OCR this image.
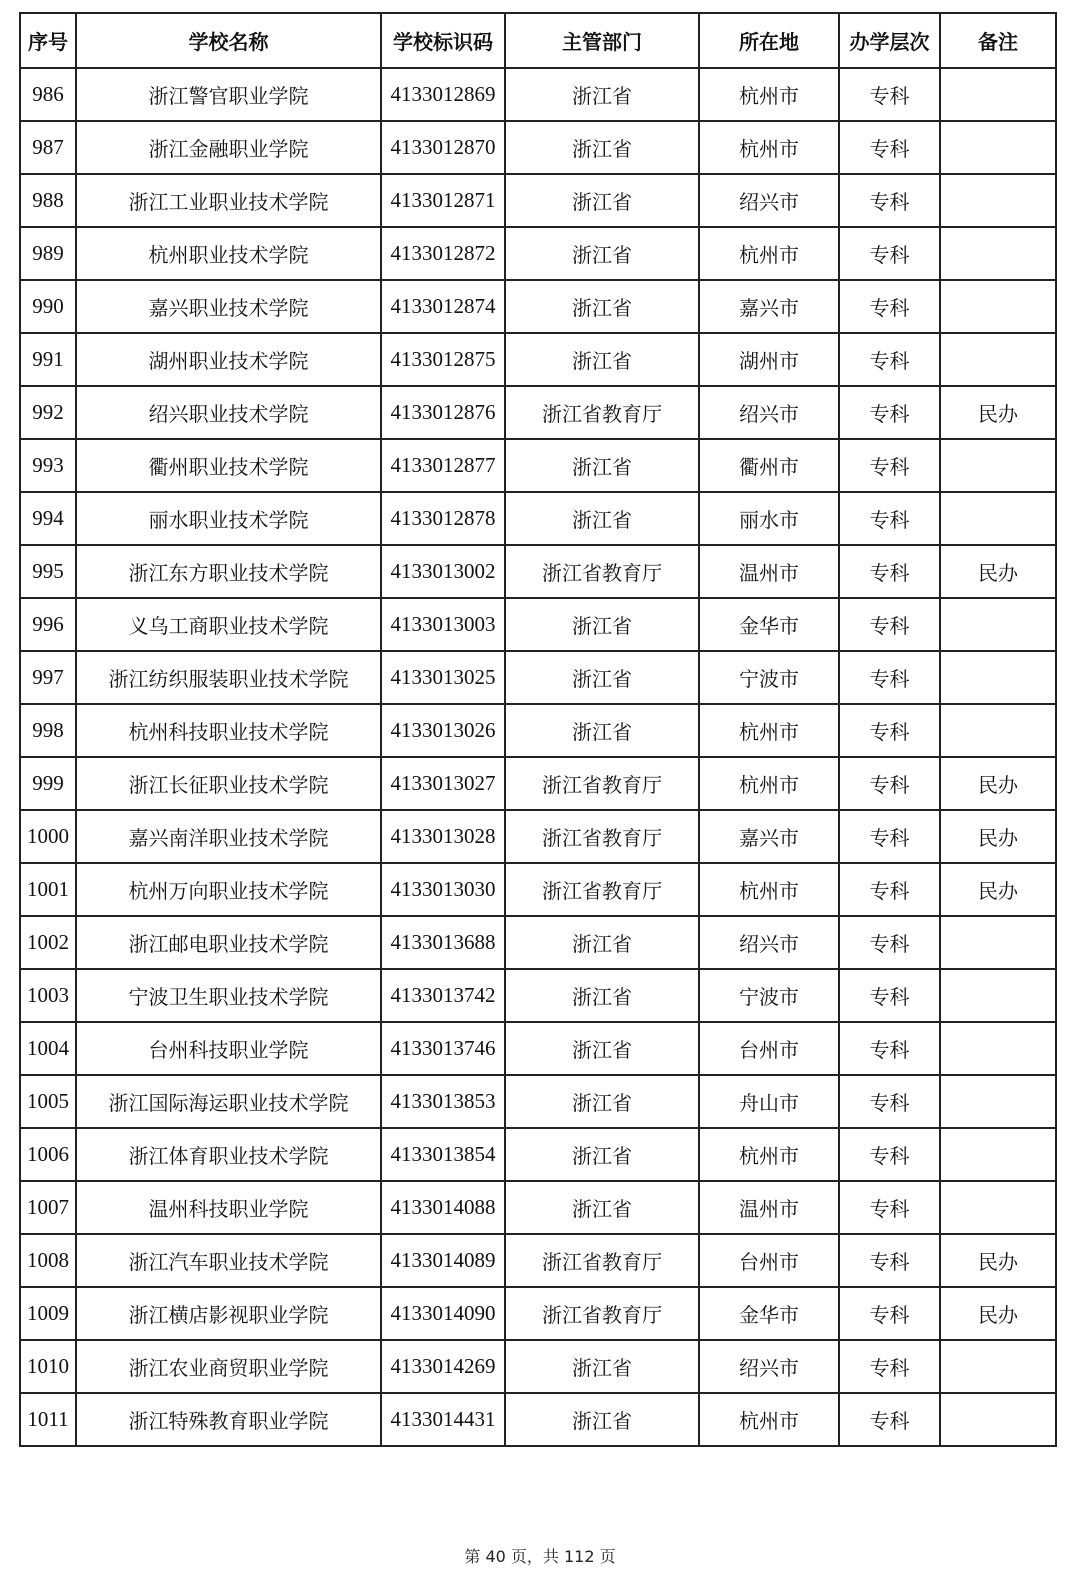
序号	学校名称	学校标识码	主管部门	所在地	办学层次	备注
986	浙江警官职业学院	4133012869	浙江省	杭州市	专科	
987	浙江金融职业学院	4133012870	浙江省	杭州市	专科	
988	浙江工业职业技术学院	4133012871	浙江省	绍兴市	专科	
989	杭州职业技术学院	4133012872	浙江省	杭州市	专科	
990	嘉兴职业技术学院	4133012874	浙江省	嘉兴市	专科	
991	湖州职业技术学院	4133012875	浙江省	湖州市	专科	
992	绍兴职业技术学院	4133012876	浙江省教育厅	绍兴市	专科	民办
993	衢州职业技术学院	4133012877	浙江省	衢州市	专科	
994	丽水职业技术学院	4133012878	浙江省	丽水市	专科	
995	浙江东方职业技术学院	4133013002	浙江省教育厅	温州市	专科	民办
996	义乌工商职业技术学院	4133013003	浙江省	金华市	专科	
997	浙江纺织服装职业技术学院	4133013025	浙江省	宁波市	专科	
998	杭州科技职业技术学院	4133013026	浙江省	杭州市	专科	
999	浙江长征职业技术学院	4133013027	浙江省教育厅	杭州市	专科	民办
1000	嘉兴南洋职业技术学院	4133013028	浙江省教育厅	嘉兴市	专科	民办
1001	杭州万向职业技术学院	4133013030	浙江省教育厅	杭州市	专科	民办
1002	浙江邮电职业技术学院	4133013688	浙江省	绍兴市	专科	
1003	宁波卫生职业技术学院	4133013742	浙江省	宁波市	专科	
1004	台州科技职业学院	4133013746	浙江省	台州市	专科	
1005	浙江国际海运职业技术学院	4133013853	浙江省	舟山市	专科	
1006	浙江体育职业技术学院	4133013854	浙江省	杭州市	专科	
1007	温州科技职业学院	4133014088	浙江省	温州市	专科	
1008	浙江汽车职业技术学院	4133014089	浙江省教育厅	台州市	专科	民办
1009	浙江横店影视职业学院	4133014090	浙江省教育厅	金华市	专科	民办
1010	浙江农业商贸职业学院	4133014269	浙江省	绍兴市	专科	
1011	浙江特殊教育职业学院	4133014431	浙江省	杭州市	专科	
第 40 页，共 112 页
